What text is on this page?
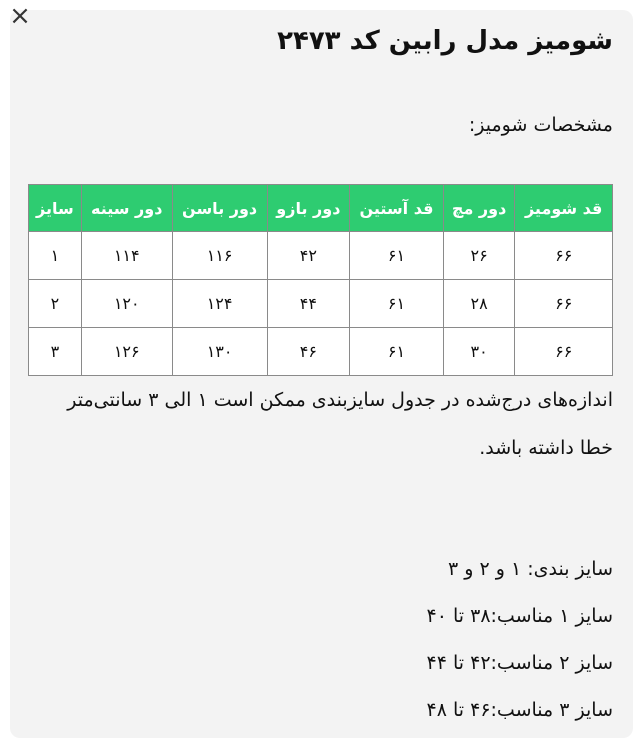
شومیز مدل رابین کد ۲۴۷۳
مشخصات شومیز:
قد شومیز	دور مچ	قد آستین	دور بازو	دور باسن	دور سینه	سایز
۶۶	۲۶	۶۱	۴۲	۱۱۶	۱۱۴	۱
۶۶	۲۸	۶۱	۴۴	۱۲۴	۱۲۰	۲
۶۶	۳۰	۶۱	۴۶	۱۳۰	۱۲۶	۳
اندازه‌های درج‌شده در جدول سایزبندی ممکن است ۱ الی ۳ سانتی‌متر خطا داشته باشد.
سایز بندی: ۱ و ۲ و ۳
سایز ۱ مناسب:۳۸ تا ۴۰
سایز ۲ مناسب:۴۲ تا ۴۴
سایز ۳ مناسب:۴۶ تا ۴۸
×
